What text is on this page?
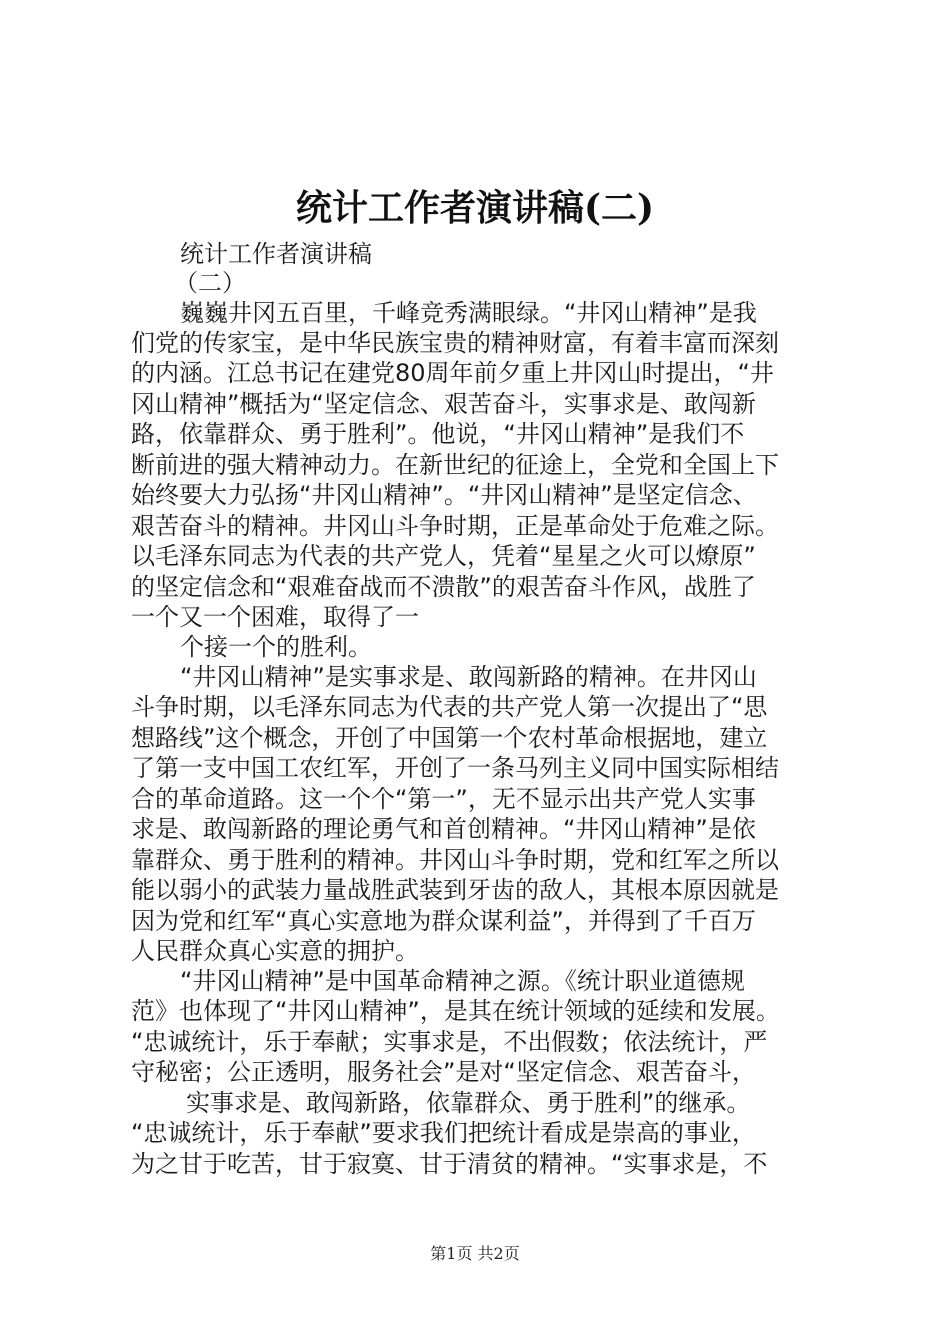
统计工作者演讲稿(二)
统计工作者演讲稿
（二）
巍巍井冈五百里，千峰竞秀满眼绿。“井冈山精神”是我
们党的传家宝，是中华民族宝贵的精神财富，有着丰富而深刻
的内涵。江总书记在建党80周年前夕重上井冈山时提出，“井
冈山精神”概括为“坚定信念、艰苦奋斗，实事求是、敢闯新
路，依靠群众、勇于胜利”。他说，“井冈山精神”是我们不
断前进的强大精神动力。在新世纪的征途上，全党和全国上下
始终要大力弘扬“井冈山精神”。“井冈山精神”是坚定信念、
艰苦奋斗的精神。井冈山斗争时期，正是革命处于危难之际。
以毛泽东同志为代表的共产党人，凭着“星星之火可以燎原”
的坚定信念和“艰难奋战而不溃散”的艰苦奋斗作风，战胜了
一个又一个困难，取得了一
个接一个的胜利。
“井冈山精神”是实事求是、敢闯新路的精神。在井冈山
斗争时期，以毛泽东同志为代表的共产党人第一次提出了“思
想路线”这个概念，开创了中国第一个农村革命根据地，建立
了第一支中国工农红军，开创了一条马列主义同中国实际相结
合的革命道路。这一个个“第一”，无不显示出共产党人实事
求是、敢闯新路的理论勇气和首创精神。“井冈山精神”是依
靠群众、勇于胜利的精神。井冈山斗争时期，党和红军之所以
能以弱小的武装力量战胜武装到牙齿的敌人，其根本原因就是
因为党和红军“真心实意地为群众谋利益”，并得到了千百万
人民群众真心实意的拥护。
“井冈山精神”是中国革命精神之源。《统计职业道德规
范》也体现了“井冈山精神”，是其在统计领域的延续和发展。
“忠诚统计，乐于奉献；实事求是，不出假数；依法统计，严
守秘密；公正透明，服务社会”是对“坚定信念、艰苦奋斗，
实事求是、敢闯新路，依靠群众、勇于胜利”的继承。
“忠诚统计，乐于奉献”要求我们把统计看成是崇高的事业，
为之甘于吃苦，甘于寂寞、甘于清贫的精神。“实事求是，不
第1页 共2页
